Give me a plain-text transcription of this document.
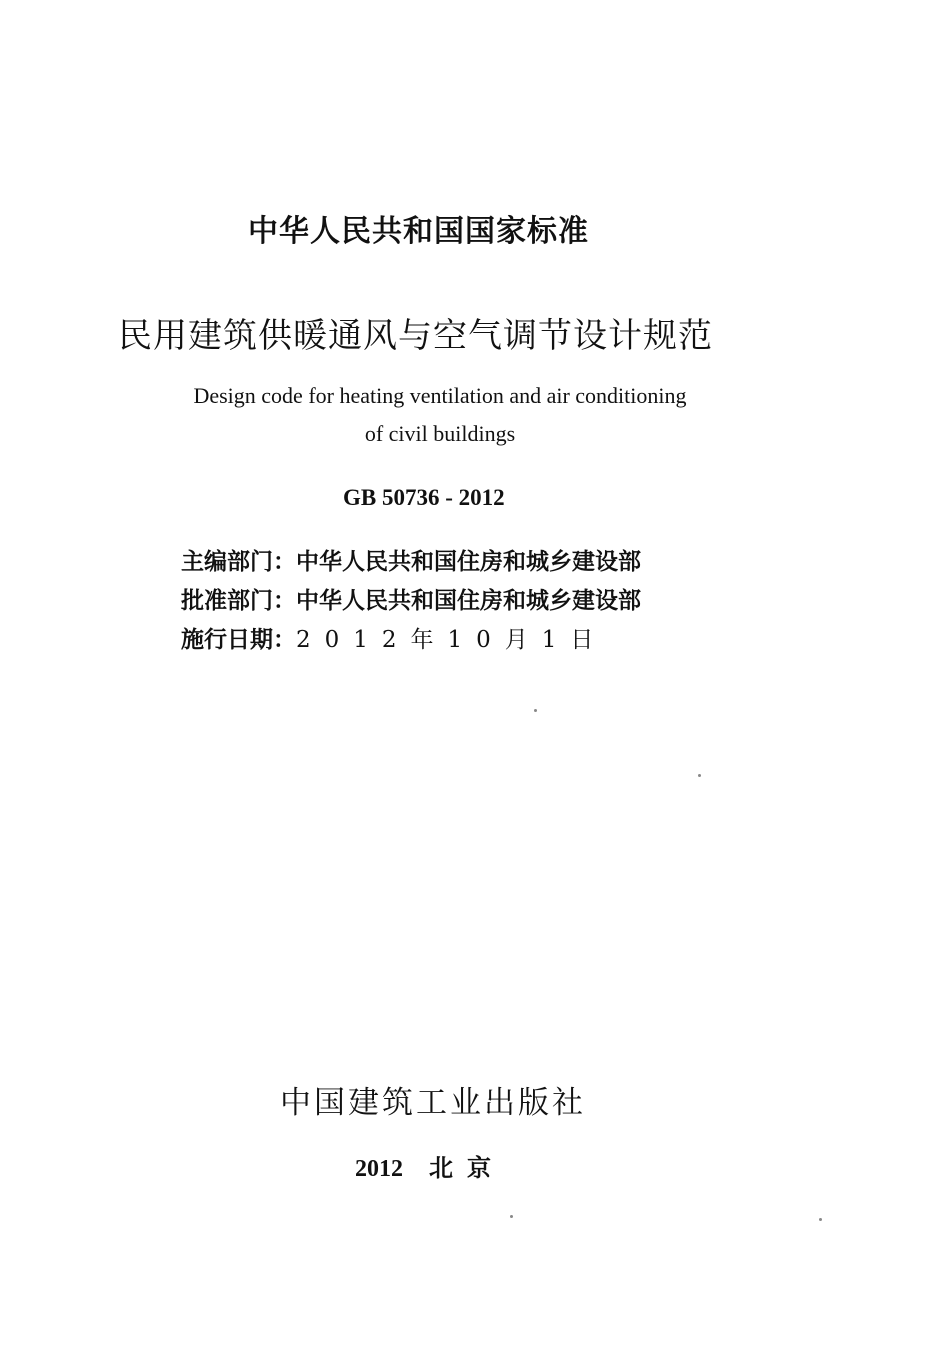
中华人民共和国国家标准
民用建筑供暖通风与空气调节设计规范
Design code for heating ventilation and air conditioning
of civil buildings
GB 50736 - 2012
主编部门： 中华人民共和国住房和城乡建设部
批准部门： 中华人民共和国住房和城乡建设部
施行日期： 2012年10月1日
中国建筑工业出版社
2012 北京
